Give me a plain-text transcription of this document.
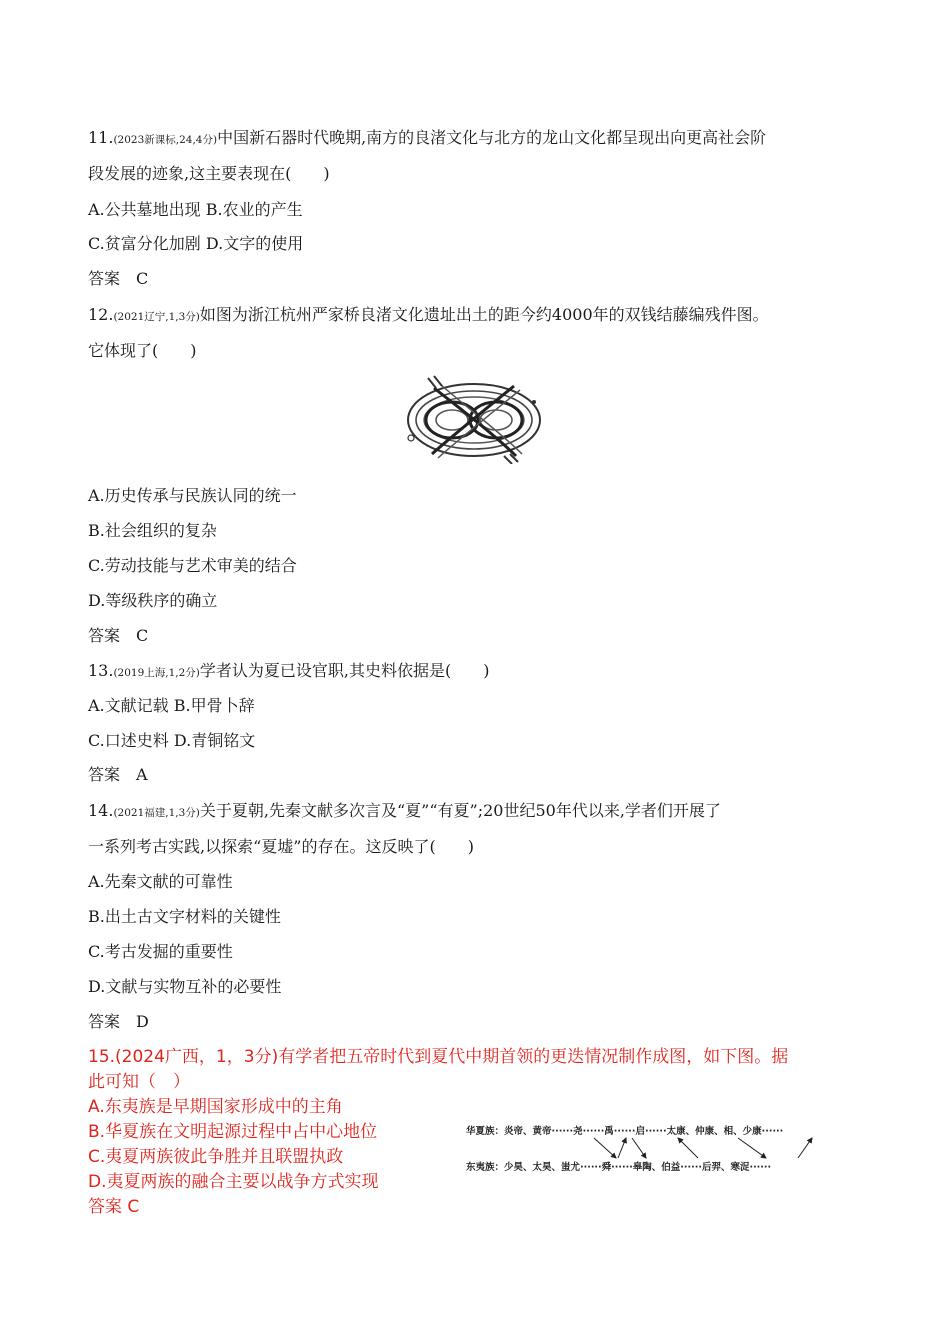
11.(2023新课标,24,4分)中国新石器时代晚期,南方的良渚文化与北方的龙山文化都呈现出向更高社会阶
段发展的迹象,这主要表现在(　　)
A.公共墓地出现 B.农业的产生
C.贫富分化加剧 D.文字的使用
答案　C
12.(2021辽宁,1,3分)如图为浙江杭州严家桥良渚文化遗址出土的距今约4000年的双钱结藤编残件图。
它体现了(　　)
A.历史传承与民族认同的统一
B.社会组织的复杂
C.劳动技能与艺术审美的结合
D.等级秩序的确立
答案　C
13.(2019上海,1,2分)学者认为夏已设官职,其史料依据是(　　)
A.文献记载 B.甲骨卜辞
C.口述史料 D.青铜铭文
答案　A
14.(2021福建,1,3分)关于夏朝,先秦文献多次言及“夏”“有夏”;20世纪50年代以来,学者们开展了
一系列考古实践,以探索“夏墟”的存在。这反映了(　　)
A.先秦文献的可靠性
B.出土古文字材料的关键性
C.考古发掘的重要性
D.文献与实物互补的必要性
答案　D
15.(2024广西，1，3分)有学者把五帝时代到夏代中期首领的更迭情况制作成图，如下图。据
此可知（　）
A.东夷族是早期国家形成中的主角
B.华夏族在文明起源过程中占中心地位
C.夷夏两族彼此争胜并且联盟执政
D.夷夏两族的融合主要以战争方式实现
答案 C
华夏族：炎帝、黄帝······尧······禹······启······太康、仲康、相、少康······
东夷族：少昊、太昊、蚩尤······舜······皋陶、伯益······后羿、寒浞······
